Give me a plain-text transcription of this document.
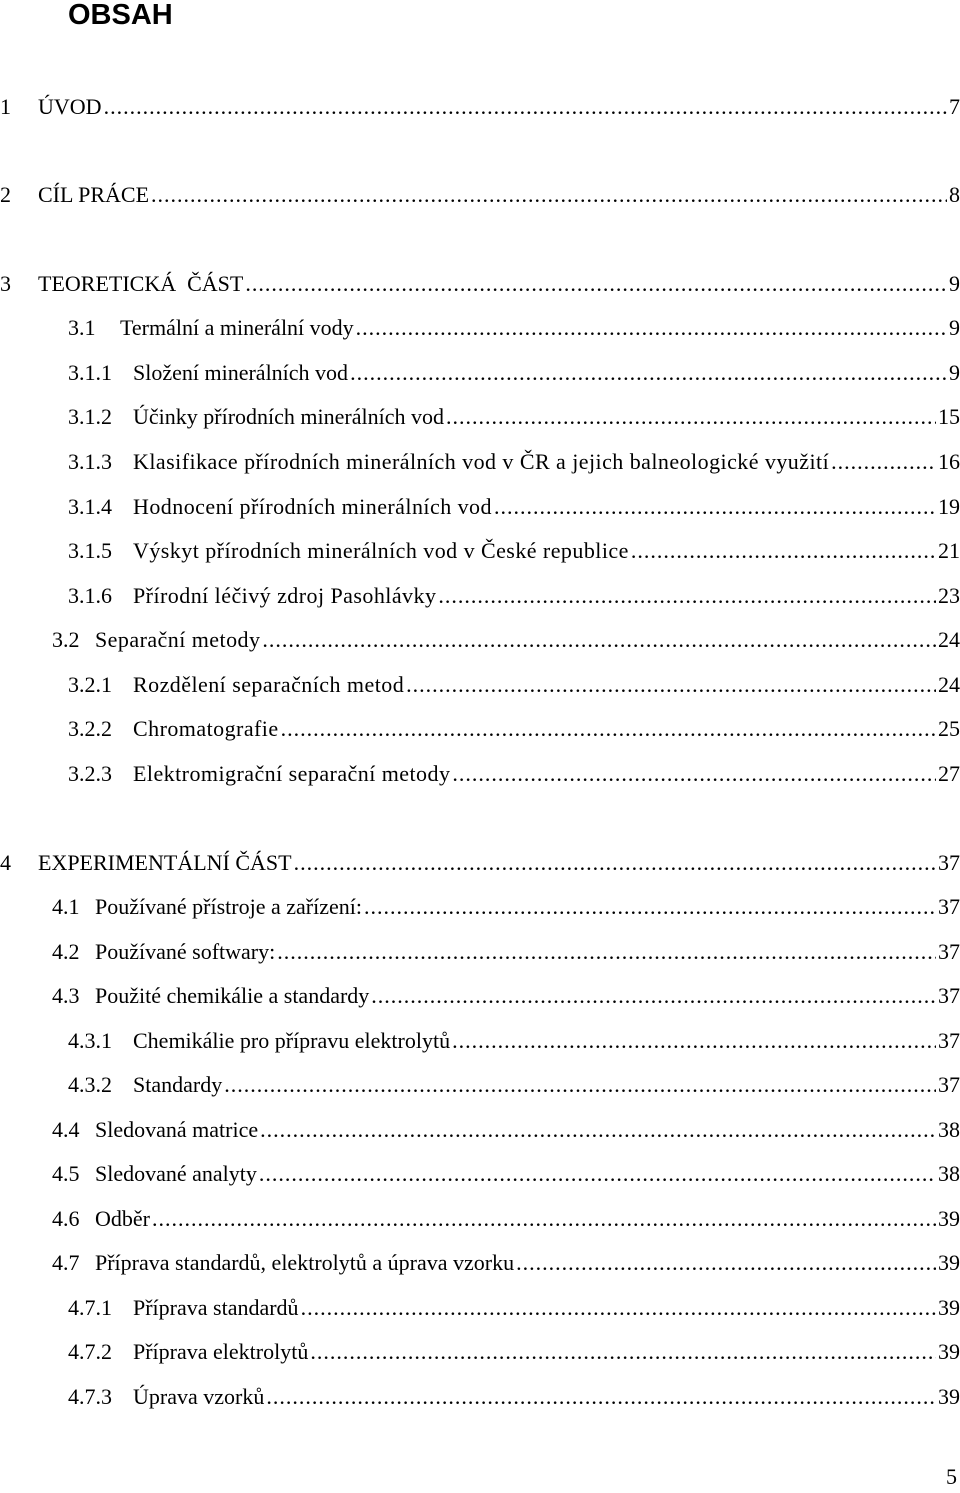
OBSAH
1	ÚVOD .....	7
2	CÍL PRÁCE .....	8
3	TEORETICKÁ  ČÁST .....	9
3.1	Termální a minerální vody .....	9
3.1.1 Složení minerálních vod .....	9
3.1.2 Účinky přírodních minerálních vod .....	15
3.1.3 Klasifikace přírodních minerálních vod v ČR a jejich balneologické využití .....	16
3.1.4 Hodnocení přírodních minerálních vod .....	19
3.1.5 Výskyt přírodních minerálních vod v České republice .....	21
3.1.6 Přírodní léčivý zdroj Pasohlávky .....	23
3.2 Separační metody .....	24
3.2.1 Rozdělení separačních metod .....	24
3.2.2 Chromatografie .....	25
3.2.3 Elektromigrační separační metody .....	27
4	EXPERIMENTÁLNÍ ČÁST .....	37
4.1 Používané přístroje a zařízení: .....	37
4.2 Používané softwary: .....	37
4.3 Použité chemikálie a standardy .....	37
4.3.1 Chemikálie pro přípravu elektrolytů .....	37
4.3.2 Standardy .....	37
4.4 Sledovaná matrice .....	38
4.5 Sledované analyty .....	38
4.6 Odběr .....	39
4.7 Příprava standardů, elektrolytů a úprava vzorku .....	39
4.7.1 Příprava standardů .....	39
4.7.2 Příprava elektrolytů .....	39
4.7.3 Úprava vzorků .....	39
5
